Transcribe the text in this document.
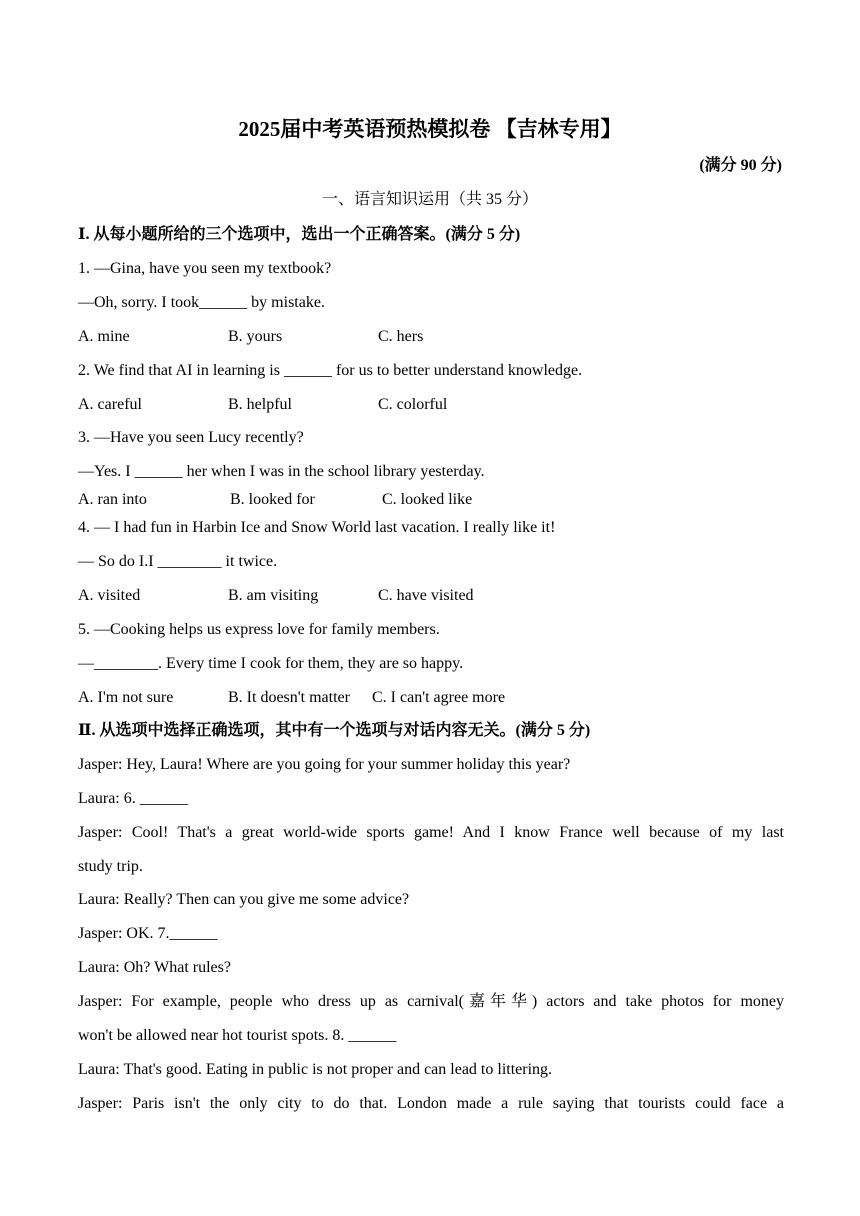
2025届中考英语预热模拟卷 【吉林专用】
(满分 90 分)
一、语言知识运用（共 35 分）
Ⅰ. 从每小题所给的三个选项中，选出一个正确答案。(满分 5 分)
1. —Gina, have you seen my textbook?
—Oh, sorry. I took______ by mistake.
A. mine	B. yours	C. hers
2. We find that AI in learning is ______ for us to better understand knowledge.
A. careful	B. helpful	C. colorful
3. —Have you seen Lucy recently?
—Yes. I ______ her when I was in the school library yesterday.
A. ran into	B. looked for	C. looked like
4. — I had fun in Harbin Ice and Snow World last vacation. I really like it!
— So do I.I ________ it twice.
A. visited	B. am visiting	C. have visited
5. —Cooking helps us express love for family members.
—________. Every time I cook for them, they are so happy.
A. I'm not sure	B. It doesn't matter C. I can't agree more
Ⅱ. 从选项中选择正确选项，其中有一个选项与对话内容无关。(满分 5 分)
Jasper: Hey, Laura! Where are you going for your summer holiday this year?
Laura: 6. ______
Jasper: Cool! That's a great world-wide sports game! And I know France well because of my last
study trip.
Laura: Really? Then can you give me some advice?
Jasper: OK. 7.______
Laura: Oh? What rules?
Jasper: For example, people who dress up as carnival(嘉年华) actors and take photos for money
won't be allowed near hot tourist spots. 8. ______
Laura: That's good. Eating in public is not proper and can lead to littering.
Jasper: Paris isn't the only city to do that. London made a rule saying that tourists could face a
